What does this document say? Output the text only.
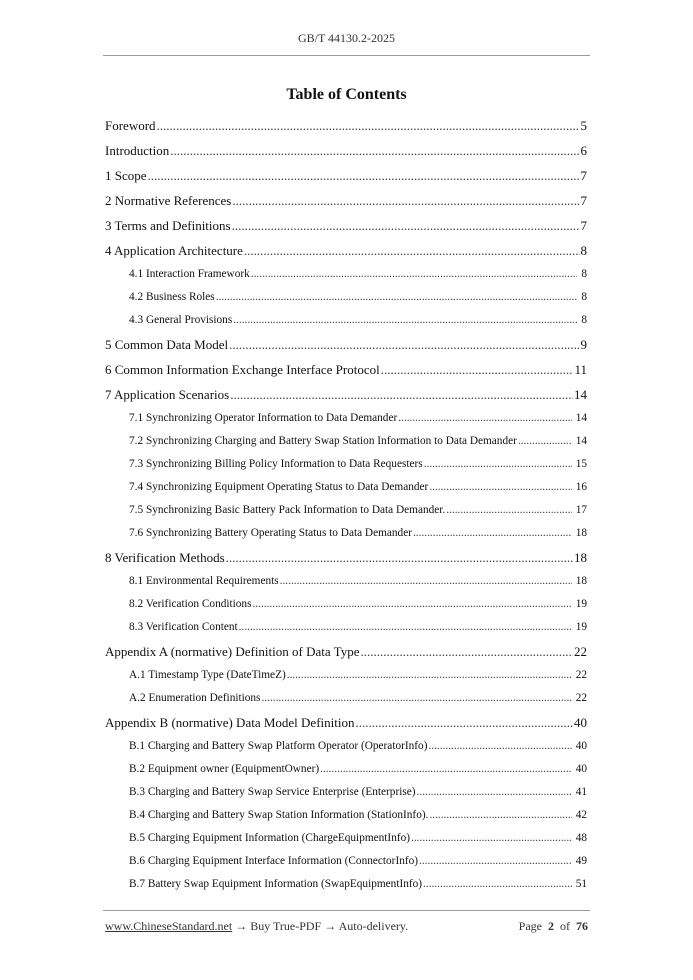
GB/T 44130.2-2025
Table of Contents
Foreword .....	5
Introduction .....	6
1 Scope .....	7
2 Normative References .....	7
3 Terms and Definitions .....	7
4 Application Architecture .....	8
4.1 Interaction Framework .....	8
4.2 Business Roles .....	8
4.3 General Provisions .....	8
5 Common Data Model .....	9
6 Common Information Exchange Interface Protocol .....	11
7 Application Scenarios .....	14
7.1 Synchronizing Operator Information to Data Demander .....	14
7.2 Synchronizing Charging and Battery Swap Station Information to Data Demander .....	14
7.3 Synchronizing Billing Policy Information to Data Requesters .....	15
7.4 Synchronizing Equipment Operating Status to Data Demander .....	16
7.5 Synchronizing Basic Battery Pack Information to Data Demander. .....	17
7.6 Synchronizing Battery Operating Status to Data Demander .....	18
8 Verification Methods .....	18
8.1 Environmental Requirements .....	18
8.2 Verification Conditions .....	19
8.3 Verification Content .....	19
Appendix A (normative) Definition of Data Type .....	22
A.1 Timestamp Type (DateTimeZ) .....	22
A.2 Enumeration Definitions .....	22
Appendix B (normative) Data Model Definition .....	40
B.1 Charging and Battery Swap Platform Operator (OperatorInfo) .....	40
B.2 Equipment owner (EquipmentOwner) .....	40
B.3 Charging and Battery Swap Service Enterprise (Enterprise) .....	41
B.4 Charging and Battery Swap Station Information (StationInfo). .....	42
B.5 Charging Equipment Information (ChargeEquipmentInfo) .....	48
B.6 Charging Equipment Interface Information (ConnectorInfo) .....	49
B.7 Battery Swap Equipment Information (SwapEquipmentInfo) .....	51
www.ChineseStandard.net → Buy True-PDF → Auto-delivery.	Page 2 of 76
